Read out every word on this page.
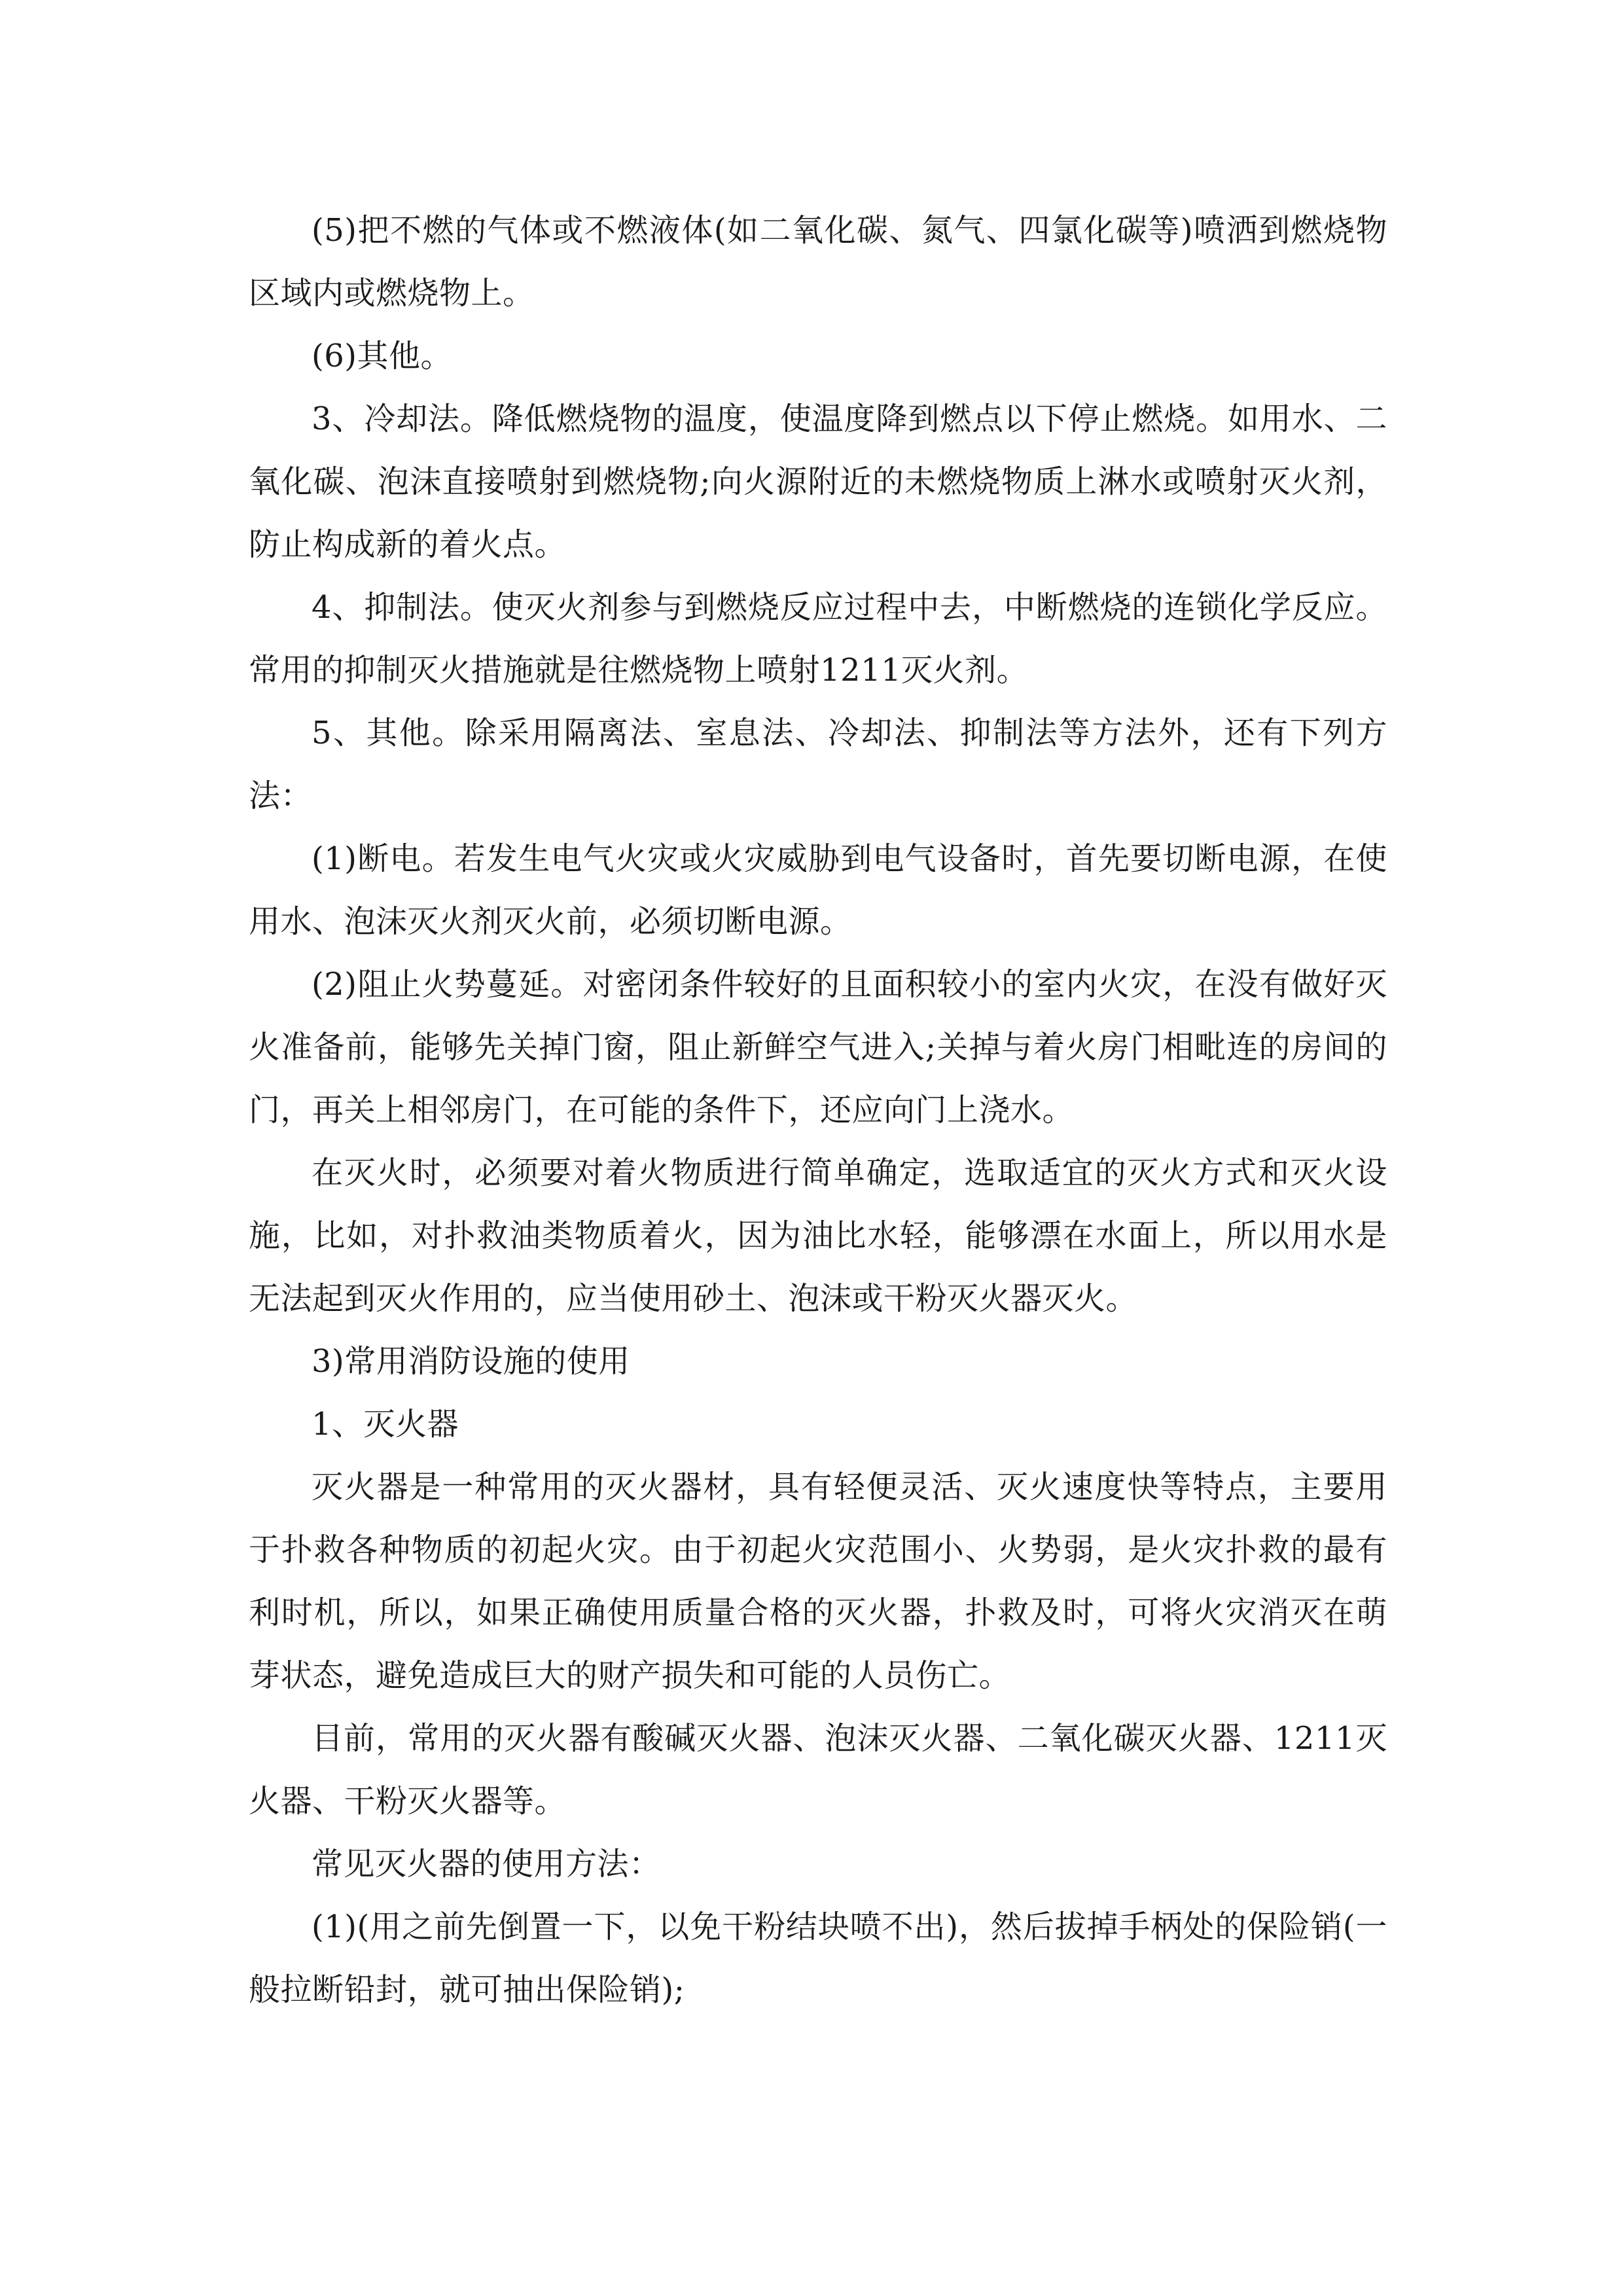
(5)把不燃的气体或不燃液体(如二氧化碳、氮气、四氯化碳等)喷洒到燃烧物区域内或燃烧物上。

(6)其他。

3、冷却法。降低燃烧物的温度，使温度降到燃点以下停止燃烧。如用水、二氧化碳、泡沫直接喷射到燃烧物;向火源附近的未燃烧物质上淋水或喷射灭火剂，防止构成新的着火点。

4、抑制法。使灭火剂参与到燃烧反应过程中去，中断燃烧的连锁化学反应。常用的抑制灭火措施就是往燃烧物上喷射1211灭火剂。

5、其他。除采用隔离法、室息法、冷却法、抑制法等方法外，还有下列方法：

(1)断电。若发生电气火灾或火灾威胁到电气设备时，首先要切断电源，在使用水、泡沫灭火剂灭火前，必须切断电源。

(2)阻止火势蔓延。对密闭条件较好的且面积较小的室内火灾，在没有做好灭火准备前，能够先关掉门窗，阻止新鲜空气进入;关掉与着火房门相毗连的房间的门，再关上相邻房门，在可能的条件下，还应向门上浇水。

在灭火时，必须要对着火物质进行简单确定，选取适宜的灭火方式和灭火设施，比如，对扑救油类物质着火，因为油比水轻，能够漂在水面上，所以用水是无法起到灭火作用的，应当使用砂土、泡沫或干粉灭火器灭火。

3)常用消防设施的使用

1、灭火器

灭火器是一种常用的灭火器材，具有轻便灵活、灭火速度快等特点，主要用于扑救各种物质的初起火灾。由于初起火灾范围小、火势弱，是火灾扑救的最有利时机，所以，如果正确使用质量合格的灭火器，扑救及时，可将火灾消灭在萌芽状态，避免造成巨大的财产损失和可能的人员伤亡。

目前，常用的灭火器有酸碱灭火器、泡沫灭火器、二氧化碳灭火器、1211灭火器、干粉灭火器等。

常见灭火器的使用方法：

(1)(用之前先倒置一下，以免干粉结块喷不出)，然后拔掉手柄处的保险销(一般拉断铅封，就可抽出保险销);
